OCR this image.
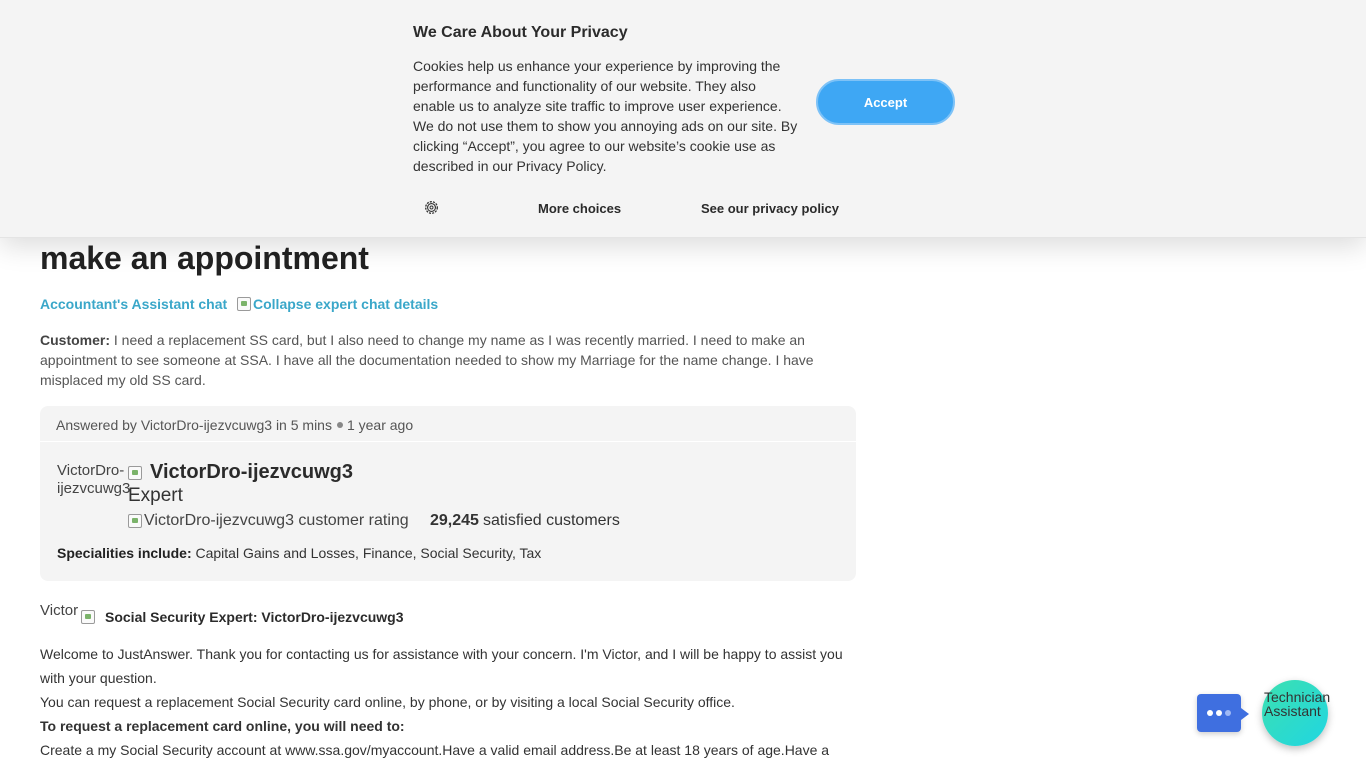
We Care About Your Privacy
Cookies help us enhance your experience by improving the performance and functionality of our website. They also enable us to analyze site traffic to improve user experience. We do not use them to show you annoying ads on our site. By clicking “Accept”, you agree to our website’s cookie use as described in our Privacy Policy.
Accept
More choices	See our privacy policy
make an appointment
Accountant's Assistant chat Collapse expert chat details
Customer: I need a replacement SS card, but I also need to change my name as I was recently married. I need to make an appointment to see someone at SSA. I have all the documentation needed to show my Marriage for the name change. I have misplaced my old SS card.
Answered by VictorDro-ijezvcuwg3 in 5 mins 1 year ago
VictorDro-ijezvcuwg3
VictorDro-ijezvcuwg3
Expert
VictorDro-ijezvcuwg3 customer rating	29,245 satisfied customers
Specialities include: Capital Gains and Losses, Finance, Social Security, Tax
Victor Social Security Expert: VictorDro-ijezvcuwg3

Welcome to JustAnswer. Thank you for contacting us for assistance with your concern. I'm Victor, and I will be happy to assist you with your question.

You can request a replacement Social Security card online, by phone, or by visiting a local Social Security office.

To request a replacement card online, you will need to:

Create a my Social Security account at www.ssa.gov/myaccount.Have a valid email address.Be at least 18 years of age.Have a

Technician Assistant
